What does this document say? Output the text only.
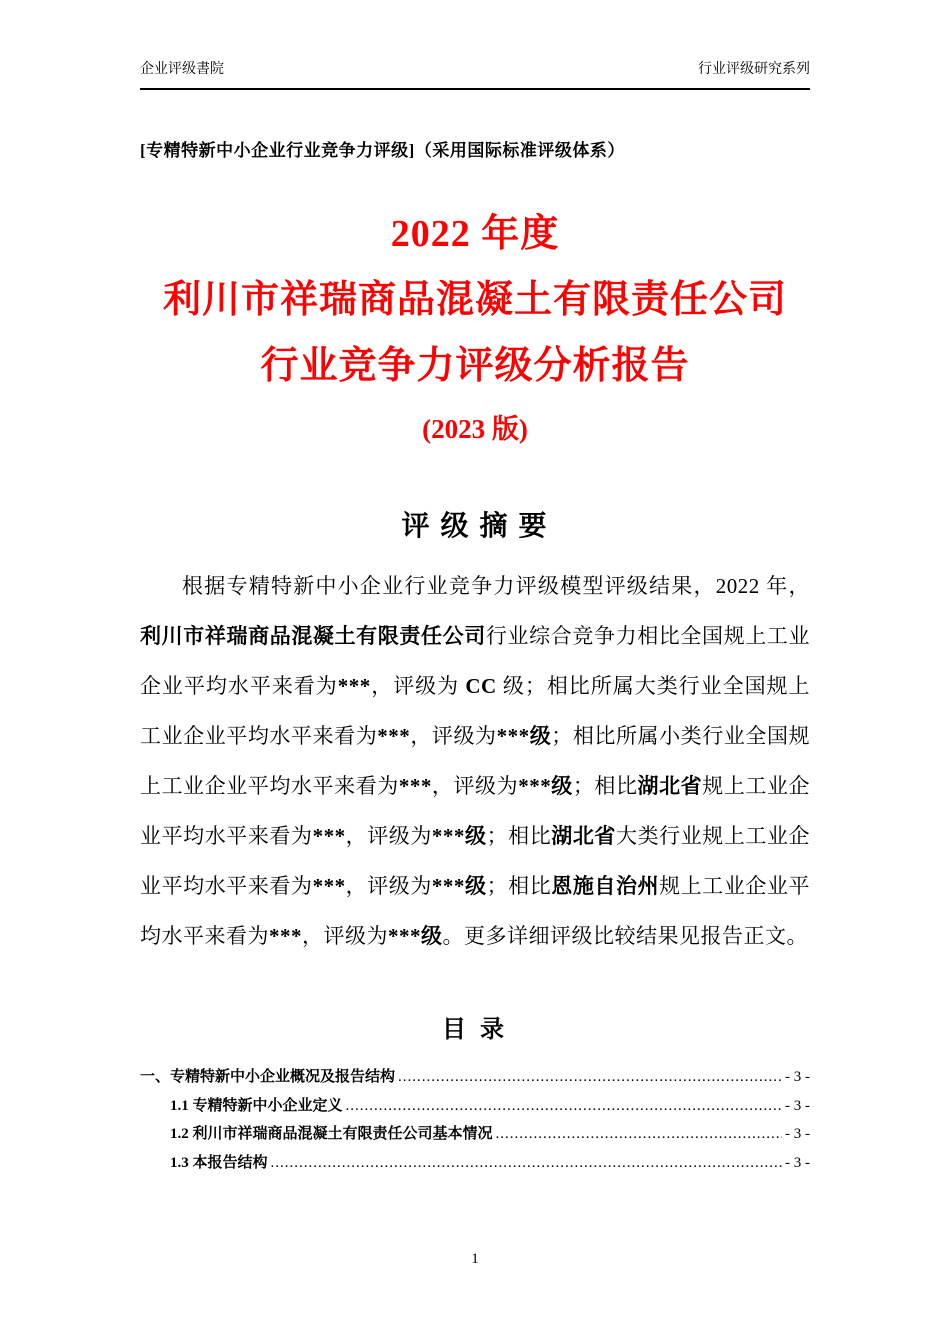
企业评级書院	行业评级研究系列

[专精特新中小企业行业竞争力评级]（采用国际标准评级体系）

2022 年度
利川市祥瑞商品混凝土有限责任公司
行业竞争力评级分析报告
(2023 版)
评 级 摘 要

根据专精特新中小企业行业竞争力评级模型评级结果，2022 年，利川市祥瑞商品混凝土有限责任公司行业综合竞争力相比全国规上工业企业平均水平来看为***，评级为 CC 级；相比所属大类行业全国规上工业企业平均水平来看为***，评级为***级；相比所属小类行业全国规上工业企业平均水平来看为***，评级为***级；相比湖北省规上工业企业平均水平来看为***，评级为***级；相比湖北省大类行业规上工业企业平均水平来看为***，评级为***级；相比恩施自治州规上工业企业平均水平来看为***，评级为***级。更多详细评级比较结果见报告正文。

目 录
一、专精特新中小企业概况及报告结构 .....	- 3 -
1.1 专精特新中小企业定义 .....	- 3 -
1.2 利川市祥瑞商品混凝土有限责任公司基本情况 .....	- 3 -
1.3 本报告结构 .....	- 3 -
1
